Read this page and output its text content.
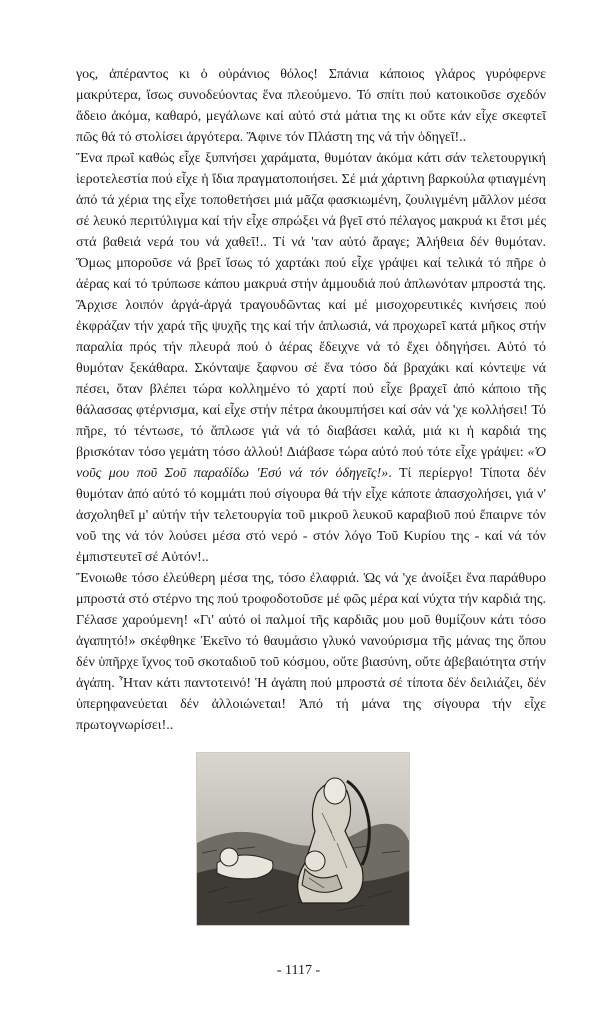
γος, ἀπέραντος κι ὁ οὐράνιος θόλος! Σπάνια κάποιος γλάρος γυρόφερνε μακρύτερα, ἴσως συνοδεύοντας ἕνα πλεούμενο. Τό σπίτι πού κατοικοῦσε σχεδόν ἄδειο ἀκόμα, καθαρό, μεγάλωνε καί αὐτό στά μάτια της κι οὔτε κάν εἶχε σκεφτεῖ πῶς θά τό στολίσει ἀργότερα. Ἄφινε τόν Πλάστη της νά τήν ὁδηγεῖ!..

Ἕνα πρωΐ καθώς εἶχε ξυπνήσει χαράματα, θυμόταν ἀκόμα κάτι σάν τελετουργική ἱεροτελεστία πού εἶχε ἡ ἴδια πραγματοποιήσει. Σέ μιά χάρτινη βαρκούλα φτιαγμένη ἀπό τά χέρια της εἶχε τοποθετήσει μιά μᾶζα φασκιωμένη, ζουλιγμένη μᾶλλον μέσα σέ λευκό περιτύλιγμα καί τήν εἶχε σπρώξει νά βγεῖ στό πέλαγος μακρυά κι ἔτσι μές στά βαθειά νερά του νά χαθεῖ!.. Τί νά 'ταν αὐτό ἄραγε; Ἀλήθεια δέν θυμόταν. Ὅμως μποροῦσε νά βρεῖ ἴσως τό χαρτάκι πού εἶχε γράψει καί τελικά τό πῆρε ὁ ἀέρας καί τό τρύπωσε κάπου μακρυά στήν ἀμμουδιά πού ἁπλωνόταν μπροστά της. Ἄρχισε λοιπόν ἀργά-ἀργά τραγουδῶντας καί μέ μισοχορευτικές κινήσεις πού ἐκφράζαν τήν χαρά τῆς ψυχῆς της καί τήν ἁπλωσιά, νά προχωρεῖ κατά μῆκος στήν παραλία πρός τήν πλευρά πού ὁ ἀέρας ἔδειχνε νά τό ἔχει ὁδηγήσει. Αὐτό τό θυμόταν ξεκάθαρα. Σκόνταψε ξαφνου σέ ἕνα τόσο δά βραχάκι καί κόντεψε νά πέσει, ὅταν βλέπει τώρα κολλημένο τό χαρτί πού εἶχε βραχεῖ ἀπό κάποιο τῆς θάλασσας φτέρνισμα, καί εἶχε στήν πέτρα ἀκουμπήσει καί σάν νά 'χε κολλήσει! Τό πῆρε, τό τέντωσε, τό ἅπλωσε γιά νά τό διαβάσει καλά, μιά κι ἡ καρδιά της βρισκόταν τόσο γεμάτη τόσο ἀλλού! Διάβασε τώρα αὐτό πού τότε εἶχε γράψει: «Ὁ νοῦς μου ποῦ Σοῦ παραδίδω 'Εσύ νά τόν ὁδηγεῖς!». Τί περίεργο! Τίποτα δέν θυμόταν ἀπό αὐτό τό κομμάτι πού σίγουρα θά τήν εἶχε κάποτε ἀπασχολήσει, γιά ν' ἀσχοληθεῖ μ' αὐτήν τήν τελετουργία τοῦ μικροῦ λευκοῦ καραβιοῦ πού ἔπαιρνε τόν νοῦ της νά τόν λούσει μέσα στό νερό - στόν λόγο Τοῦ Κυρίου της - καί νά τόν ἐμπιστευτεῖ σέ Αὐτόν!..

Ἔνοιωθε τόσο ἐλεύθερη μέσα της, τόσο ἐλαφριά. Ὡς νά 'χε ἀνοίξει ἕνα παράθυρο μπροστά στό στέρνο της πού τροφοδοτοῦσε μέ φῶς μέρα καί νύχτα τήν καρδιά της. Γέλασε χαρούμενη! «Γι' αὐτό οἱ παλμοί τῆς καρδιᾶς μου μοῦ θυμίζουν κάτι τόσο ἀγαπητό!» σκέφθηκε Ἐκεῖνο τό θαυμάσιο γλυκό νανούρισμα τῆς μάνας της ὅπου δέν ὑπῆρχε ἴχνος τοῦ σκοταδιοῦ τοῦ κόσμου, οὔτε βιασύνη, οὔτε ἀβεβαιότητα στήν ἀγάπη. Ἦταν κάτι παντοτεινό! Ἡ ἀγάπη πού μπροστά σέ τίποτα δέν δειλιάζει, δέν ὑπερηφανεύεται δέν ἀλλοιώνεται! Ἀπό τή μάνα της σίγουρα τήν εἶχε πρωτογνωρίσει!..

- 1117 -
